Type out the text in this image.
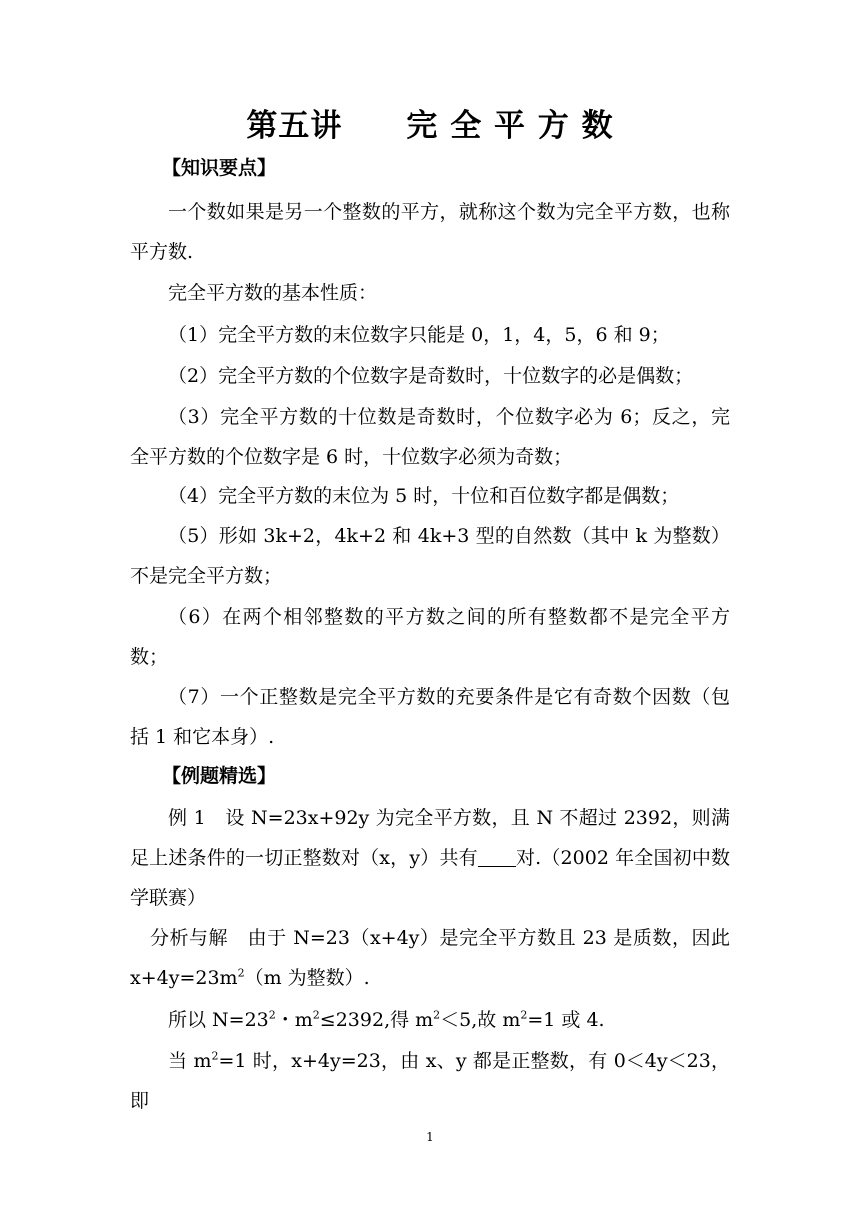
第五讲　　完 全 平 方 数
【知识要点】

一个数如果是另一个整数的平方，就称这个数为完全平方数，也称平方数.

完全平方数的基本性质：

（1）完全平方数的末位数字只能是 0，1，4，5，6 和 9；

（2）完全平方数的个位数字是奇数时，十位数字的必是偶数；

（3）完全平方数的十位数是奇数时，个位数字必为 6；反之，完全平方数的个位数字是 6 时，十位数字必须为奇数；

（4）完全平方数的末位为 5 时，十位和百位数字都是偶数；

（5）形如 3k+2，4k+2 和 4k+3 型的自然数（其中 k 为整数）不是完全平方数；

（6）在两个相邻整数的平方数之间的所有整数都不是完全平方数；

（7）一个正整数是完全平方数的充要条件是它有奇数个因数（包括 1 和它本身）.

【例题精选】

例 1　设 N=23x+92y 为完全平方数，且 N 不超过 2392，则满足上述条件的一切正整数对（x，y）共有 对.（2002 年全国初中数学联赛）

分析与解　由于 N=23（x+4y）是完全平方数且 23 是质数，因此 $x+4y=23m^2(m$ 为整数）.

所以 $N=23^2$・$m^2\le 2392$,得 $m^2<5$,故 $m^2=1$ 或 4.

当 $m^2=1$ 时，x+4y=23，由 x、y 都是正整数，有 0＜4y＜23，即

1
